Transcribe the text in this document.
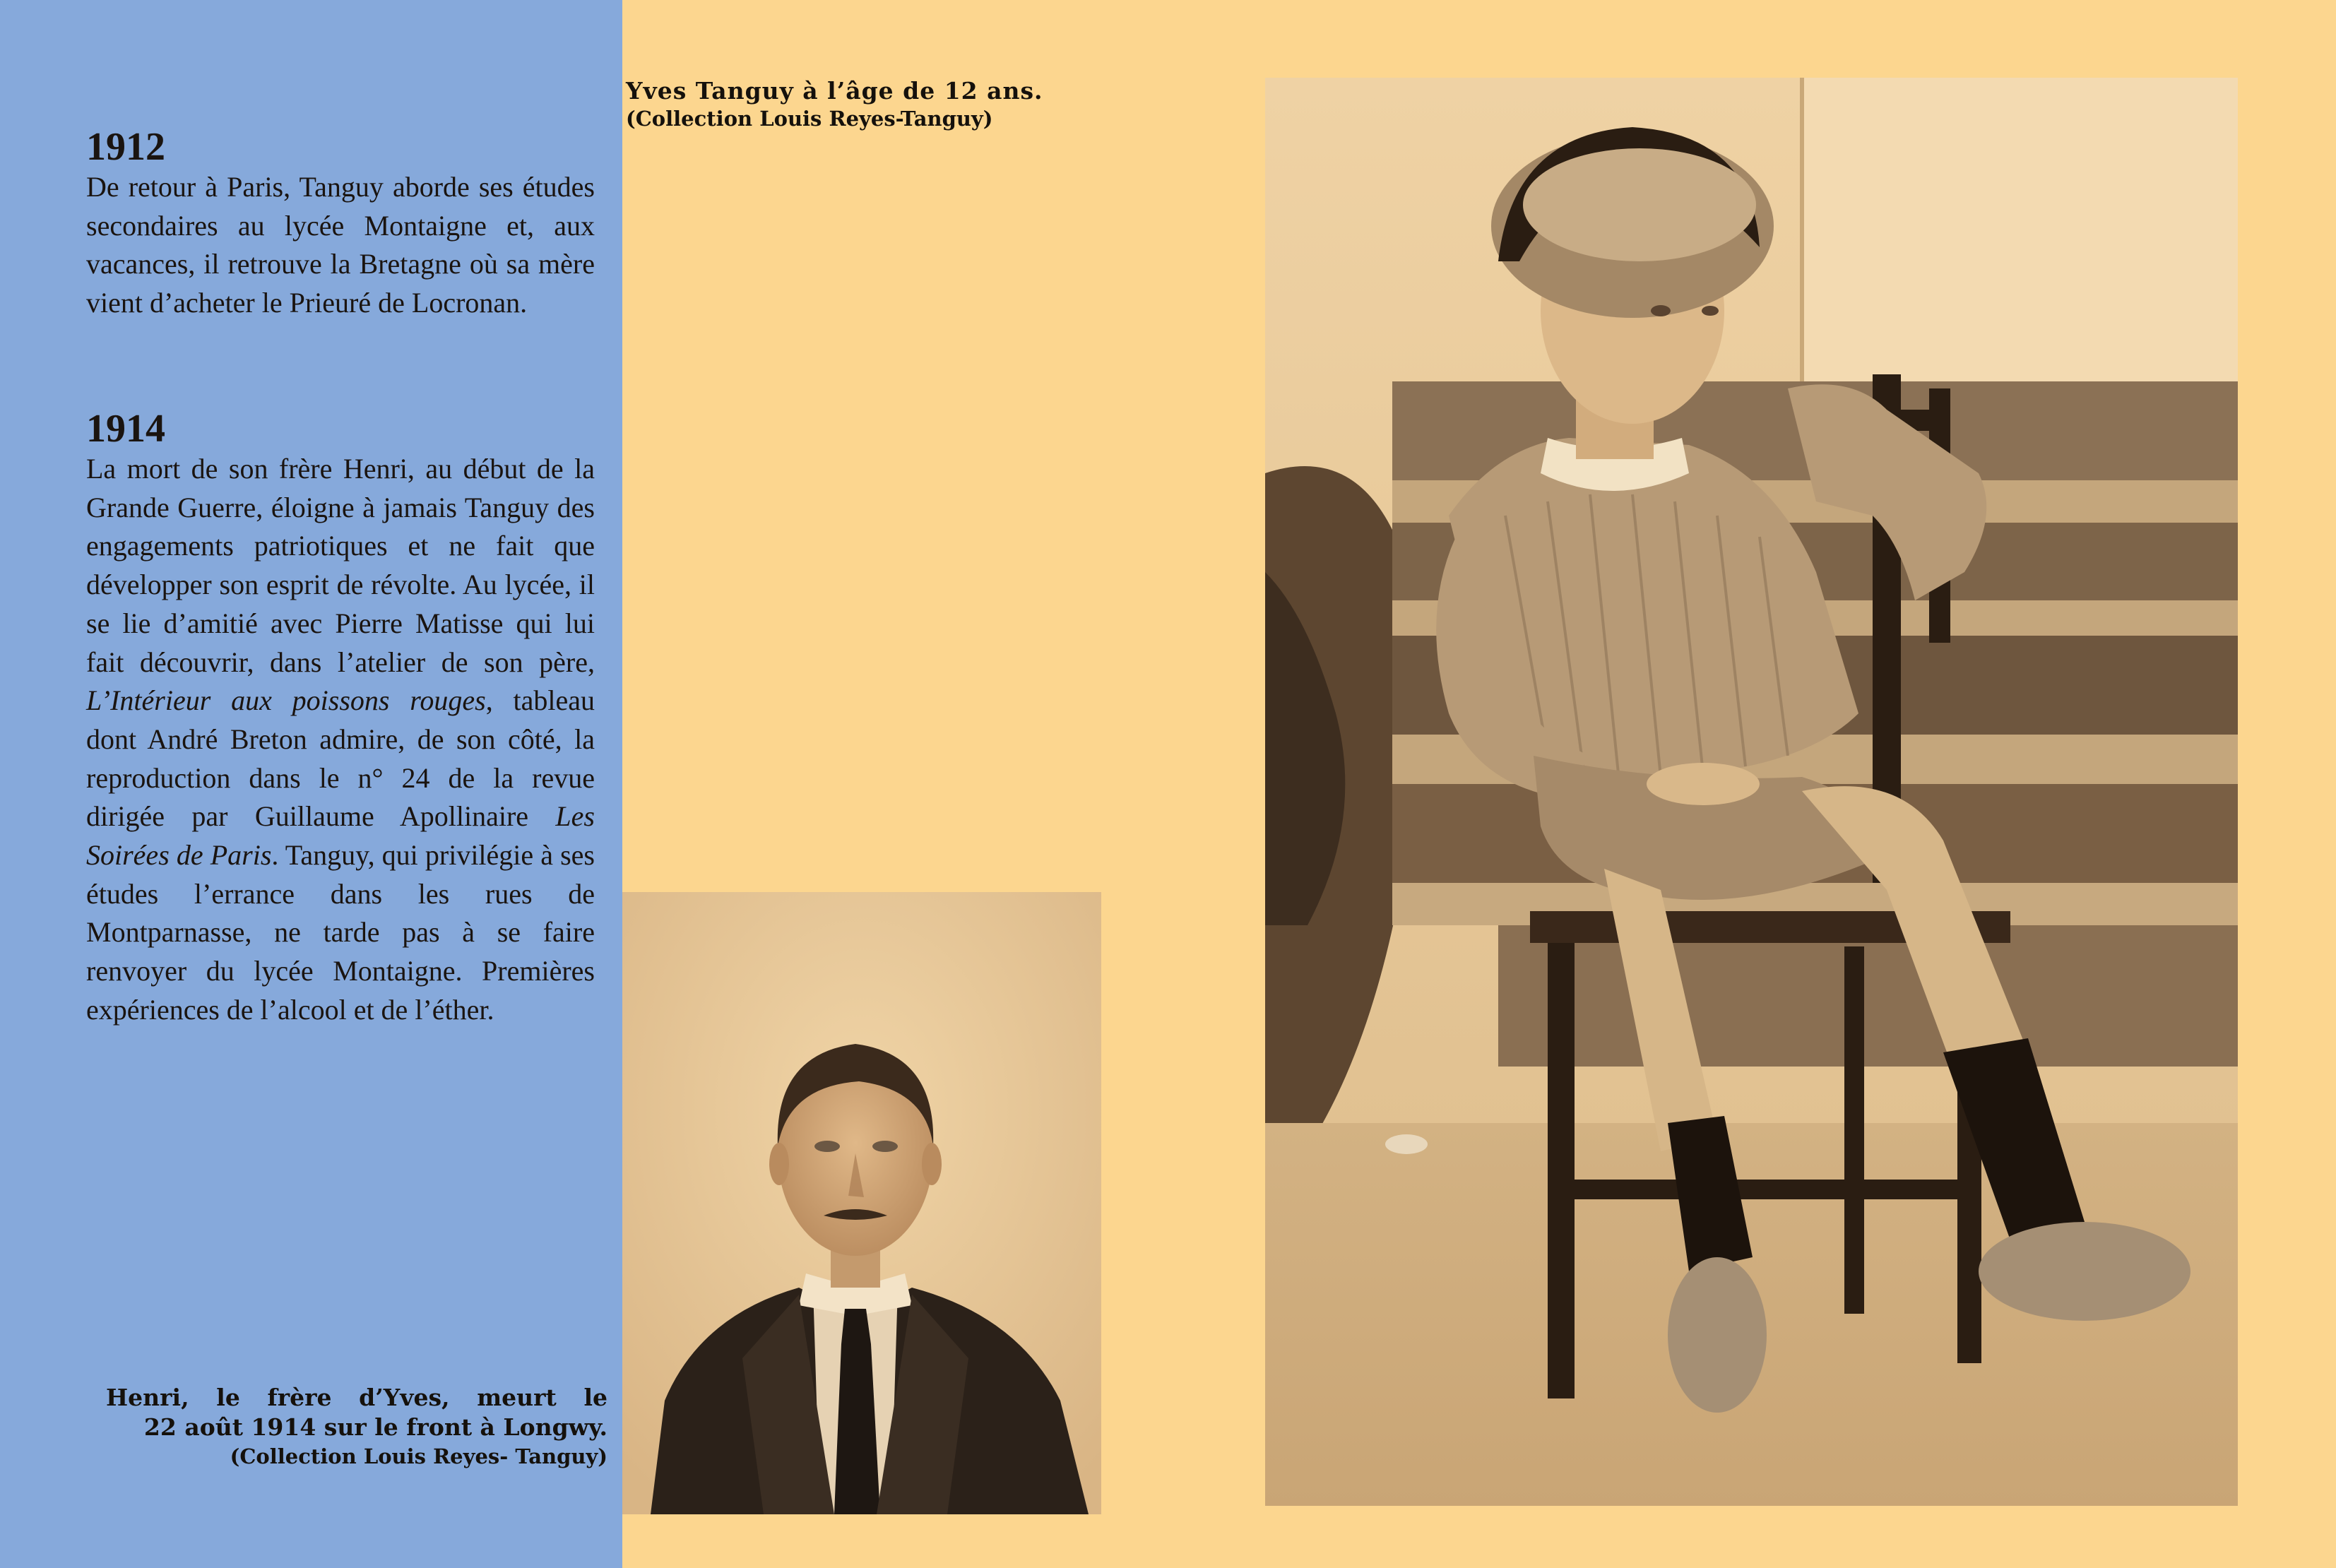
1912

De retour à Paris, Tanguy aborde ses études secondaires au lycée Montaigne et, aux vacances, il retrouve la Bretagne où sa mère vient d’acheter le Prieuré de Locronan.

1914

La mort de son frère Henri, au début de la Grande Guerre, éloigne à jamais Tanguy des engagements patriotiques et ne fait que développer son esprit de révolte. Au lycée, il se lie d’amitié avec Pierre Matisse qui lui fait découvrir, dans l’atelier de son père, L’Intérieur aux poissons rouges, tableau dont André Breton admire, de son côté, la reproduction dans le n° 24 de la revue dirigée par Guillaume Apollinaire Les Soirées de Paris. Tanguy, qui privilégie à ses études l’errance dans les rues de Montparnasse, ne tarde pas à se faire renvoyer du lycée Montaigne. Premières expériences de l’alcool et de l’éther.

Yves Tanguy à l’âge de 12 ans.
(Collection Louis Reyes-Tanguy)
Henri, le frère d’Yves, meurt le
22 août 1914 sur le front à Longwy.
(Collection Louis Reyes- Tanguy)
